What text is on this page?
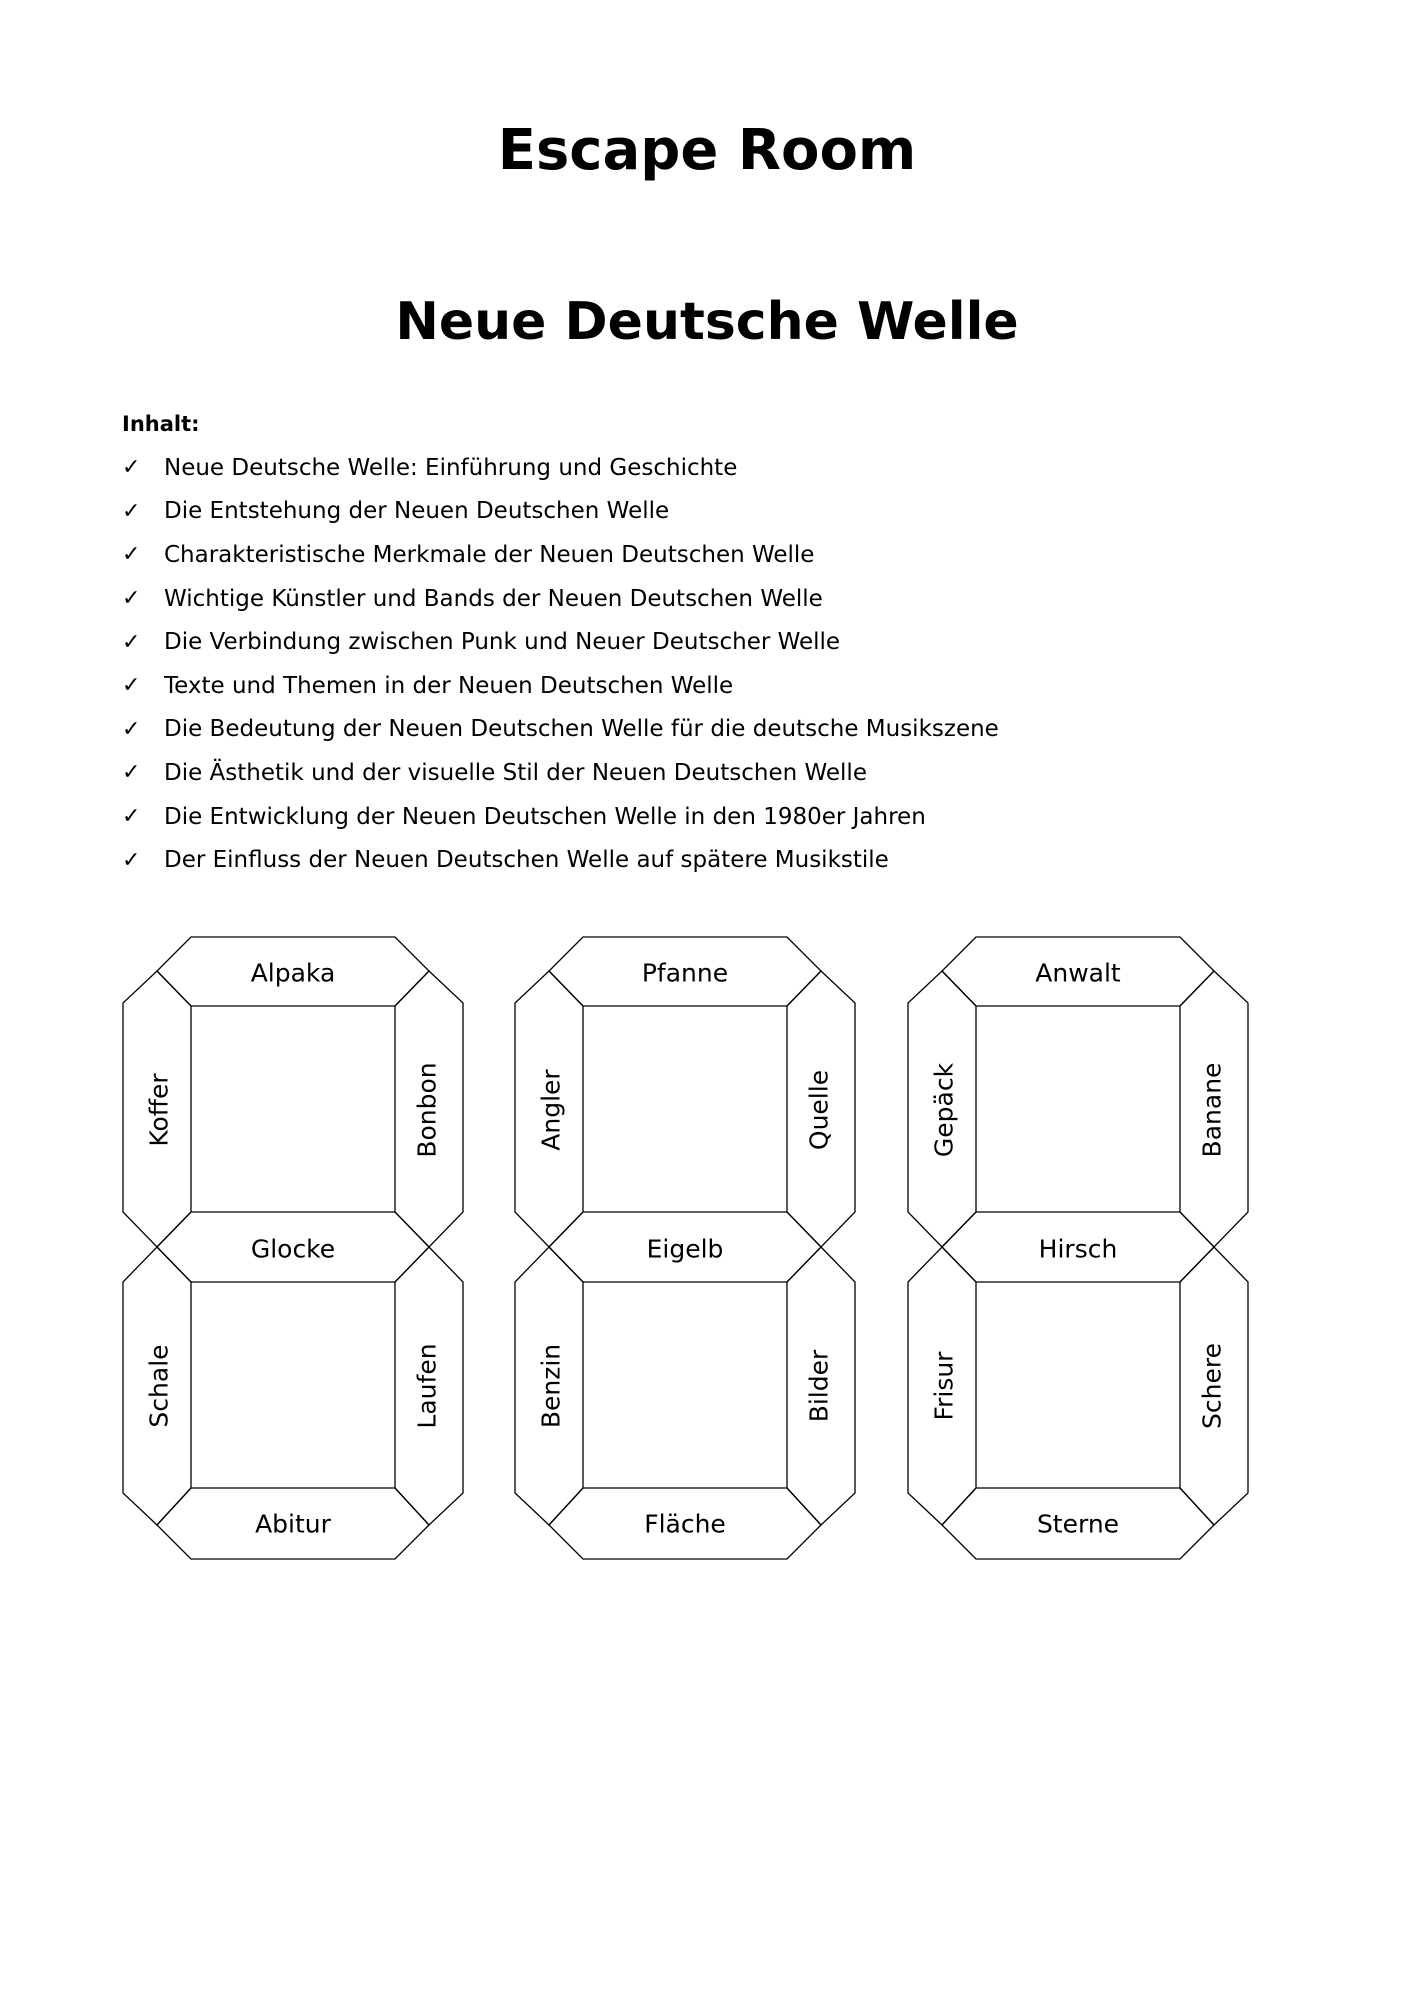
Escape Room
Neue Deutsche Welle
Inhalt:
✓	Neue Deutsche Welle: Einführung und Geschichte
✓	Die Entstehung der Neuen Deutschen Welle
✓	Charakteristische Merkmale der Neuen Deutschen Welle
✓	Wichtige Künstler und Bands der Neuen Deutschen Welle
✓	Die Verbindung zwischen Punk und Neuer Deutscher Welle
✓	Texte und Themen in der Neuen Deutschen Welle
✓	Die Bedeutung der Neuen Deutschen Welle für die deutsche Musikszene
✓	Die Ästhetik und der visuelle Stil der Neuen Deutschen Welle
✓	Die Entwicklung der Neuen Deutschen Welle in den 1980er Jahren
✓	Der Einfluss der Neuen Deutschen Welle auf spätere Musikstile
Alpaka
Koffer	Bonbon
Glocke
Schale	Laufen
Abitur
Pfanne
Angler	Quelle
Eigelb
Benzin	Bilder
Fläche
Anwalt
Gepäck	Banane
Hirsch
Frisur	Schere
Sterne
